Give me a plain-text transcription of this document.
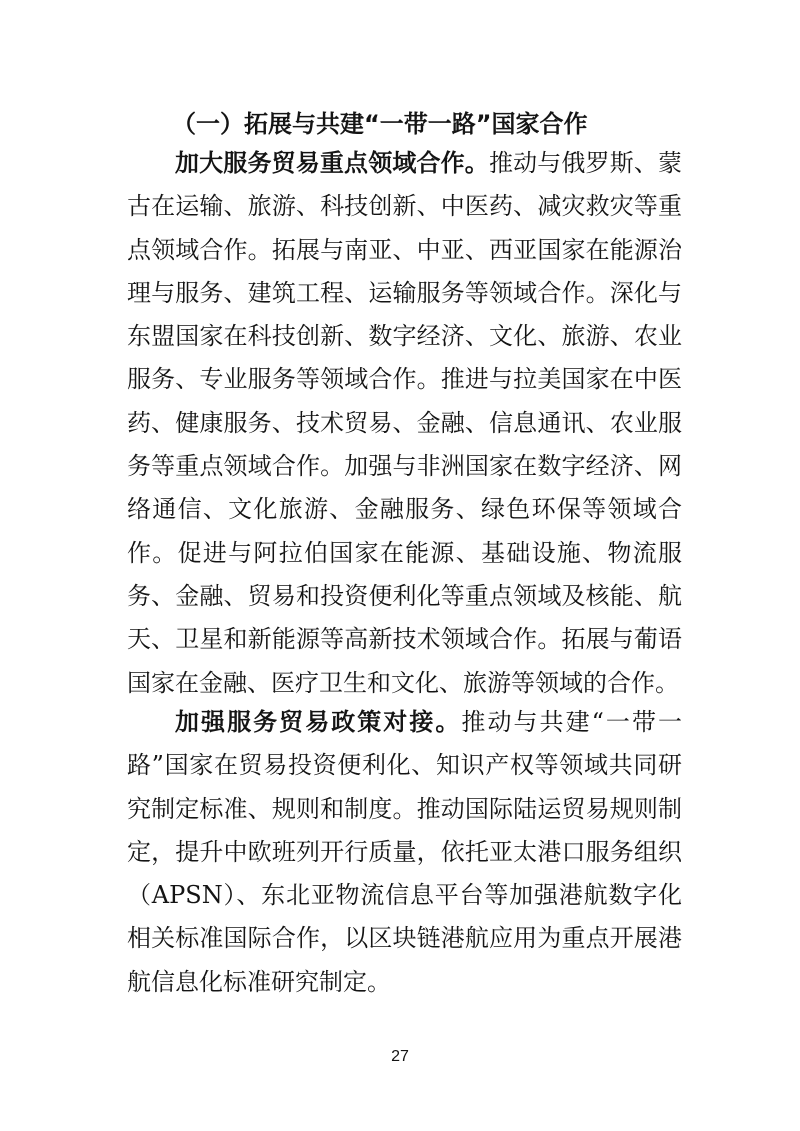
（一）拓展与共建“一带一路”国家合作

加大服务贸易重点领域合作。推动与俄罗斯、蒙古在运输、旅游、科技创新、中医药、减灾救灾等重点领域合作。拓展与南亚、中亚、西亚国家在能源治理与服务、建筑工程、运输服务等领域合作。深化与东盟国家在科技创新、数字经济、文化、旅游、农业服务、专业服务等领域合作。推进与拉美国家在中医药、健康服务、技术贸易、金融、信息通讯、农业服务等重点领域合作。加强与非洲国家在数字经济、网络通信、文化旅游、金融服务、绿色环保等领域合作。促进与阿拉伯国家在能源、基础设施、物流服务、金融、贸易和投资便利化等重点领域及核能、航天、卫星和新能源等高新技术领域合作。拓展与葡语国家在金融、医疗卫生和文化、旅游等领域的合作。

加强服务贸易政策对接。推动与共建“一带一路”国家在贸易投资便利化、知识产权等领域共同研究制定标准、规则和制度。推动国际陆运贸易规则制定，提升中欧班列开行质量，依托亚太港口服务组织（APSN）、东北亚物流信息平台等加强港航数字化相关标准国际合作，以区块链港航应用为重点开展港航信息化标准研究制定。

27
